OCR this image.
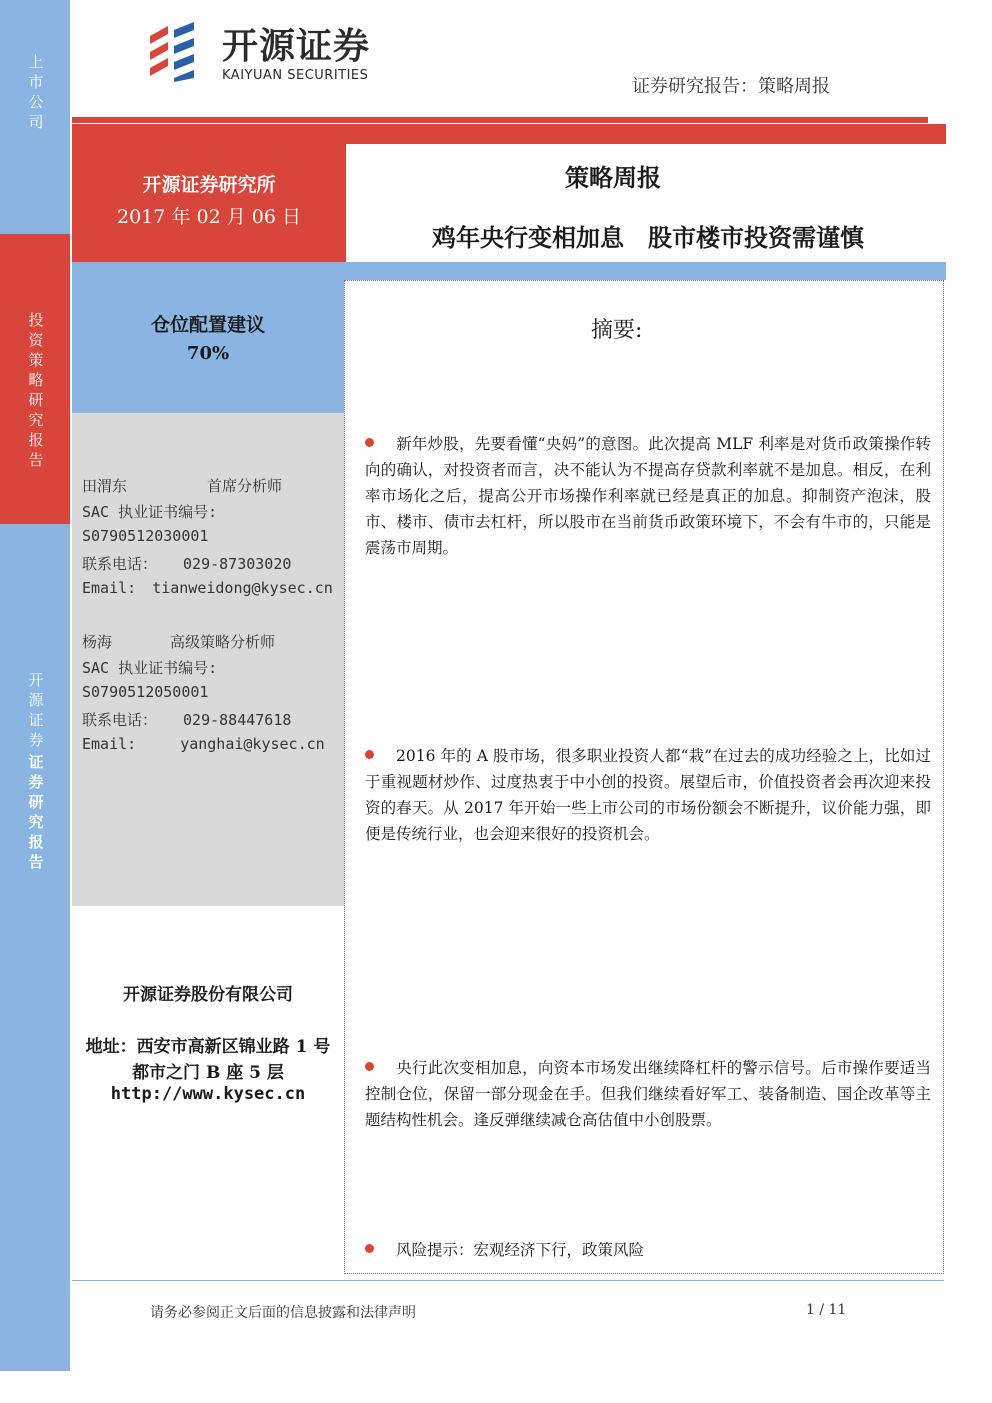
上市公司
投资策略研究报告
开源证券
证券研究报告
开源证券
KAIYUAN SECURITIES
证券研究报告：策略周报
开源证券研究所
2017 年 02 月 06 日
策略周报
鸡年央行变相加息　股市楼市投资需谨慎
仓位配置建议
70%
田渭东	首席分析师
SAC 执业证书编号:
S0790512030001
联系电话： 029-87303020
Email: tianweidong@kysec.cn
杨海	高级策略分析师
SAC 执业证书编号:
S0790512050001
联系电话： 029-88447618
Email:	yanghai@kysec.cn
开源证券股份有限公司
地址：西安市高新区锦业路 1 号
都市之门 B 座 5 层
http://www.kysec.cn
摘要:
新年炒股，先要看懂“央妈”的意图。此次提高 MLF 利率是对货币政策操作转向的确认，对投资者而言，决不能认为不提高存贷款利率就不是加息。相反，在利率市场化之后，提高公开市场操作利率就已经是真正的加息。抑制资产泡沫，股市、楼市、债市去杠杆，所以股市在当前货币政策环境下，不会有牛市的，只能是震荡市周期。
2016 年的 A 股市场，很多职业投资人都“栽”在过去的成功经验之上，比如过于重视题材炒作、过度热衷于中小创的投资。展望后市，价值投资者会再次迎来投资的春天。从 2017 年开始一些上市公司的市场份额会不断提升，议价能力强，即便是传统行业，也会迎来很好的投资机会。
央行此次变相加息，向资本市场发出继续降杠杆的警示信号。后市操作要适当控制仓位，保留一部分现金在手。但我们继续看好军工、装备制造、国企改革等主题结构性机会。逢反弹继续减仓高估值中小创股票。
风险提示：宏观经济下行，政策风险
请务必参阅正文后面的信息披露和法律声明	1 / 11
